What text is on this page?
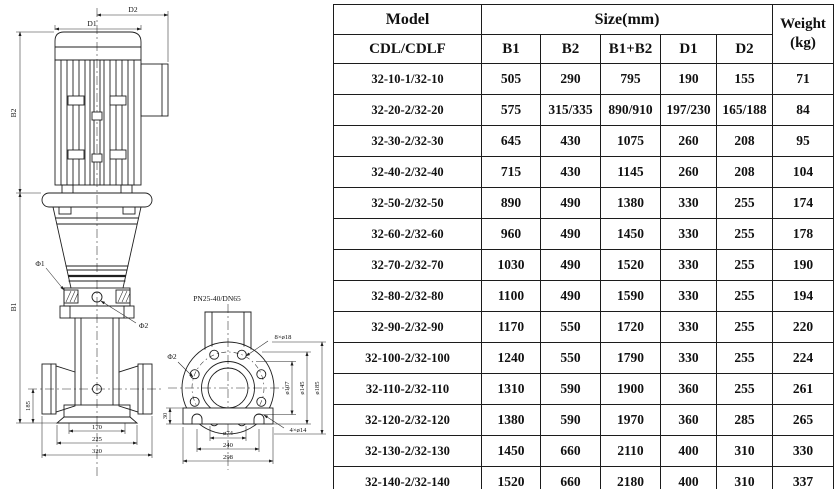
D2
D1
B2
B1
185
170
225
320
Φ1
Φ2
PN25-40/DN65
8×ø18
ø107 ø145 ø185
30
ø74
240
298
4×ø14
Φ2
Model	Size(mm)					Weight
(kg)

CDL/CDLF	B1	B2	B1+B2	D1	D2	
32-10-1/32-10	505	290	795	190	155	71
32-20-2/32-20	575	315/335	890/910	197/230	165/188	84
32-30-2/32-30	645	430	1075	260	208	95
32-40-2/32-40	715	430	1145	260	208	104
32-50-2/32-50	890	490	1380	330	255	174
32-60-2/32-60	960	490	1450	330	255	178
32-70-2/32-70	1030	490	1520	330	255	190
32-80-2/32-80	1100	490	1590	330	255	194
32-90-2/32-90	1170	550	1720	330	255	220
32-100-2/32-100	1240	550	1790	330	255	224
32-110-2/32-110	1310	590	1900	360	255	261
32-120-2/32-120	1380	590	1970	360	285	265
32-130-2/32-130	1450	660	2110	400	310	330
32-140-2/32-140	1520	660	2180	400	310	337
